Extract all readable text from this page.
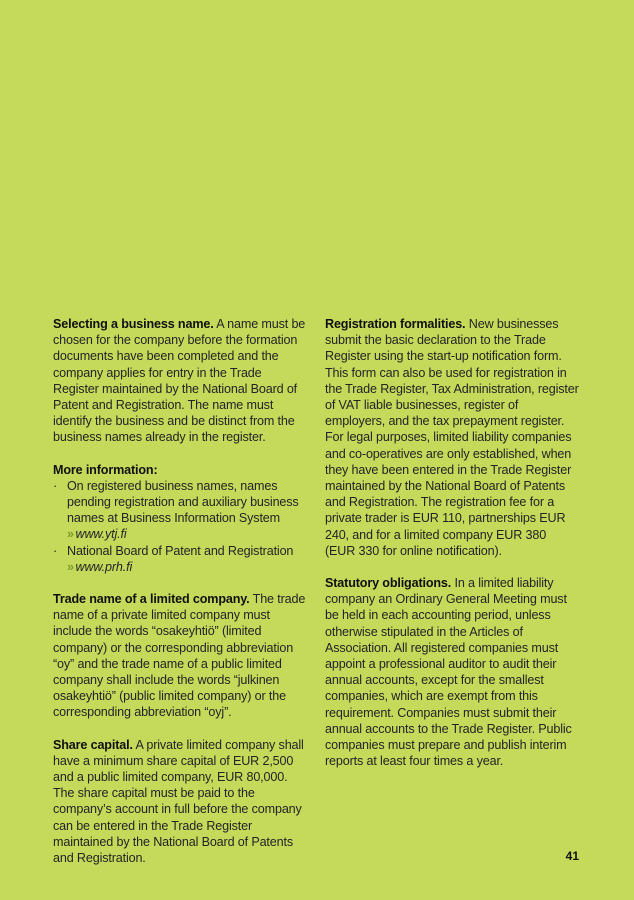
Selecting a business name. A name must be chosen for the company before the formation documents have been completed and the company applies for entry in the Trade Register maintained by the National Board of Patent and Registration. The name must identify the business and be distinct from the business names already in the register.

More information:

· On registered business names, names pending registration and auxiliary business names at Business Information System
» www.ytj.fi
· National Board of Patent and Registration
» www.prh.fi

Trade name of a limited company. The trade name of a private limited company must include the words “osakeyhtiö” (limited company) or the corresponding abbreviation “oy” and the trade name of a public limited company shall include the words “julkinen osakeyhtiö” (public limited company) or the corresponding abbreviation “oyj”.

Share capital. A private limited company shall have a minimum share capital of EUR 2,500 and a public limited company, EUR 80,000. The share capital must be paid to the company’s account in full before the company can be entered in the Trade Register maintained by the National Board of Patents and Registration.

Registration formalities. New businesses submit the basic declaration to the Trade Register using the start-up notification form. This form can also be used for registration in the Trade Register, Tax Administration, register of VAT liable businesses, register of employers, and the tax prepayment register. For legal purposes, limited liability companies and co-operatives are only established, when they have been entered in the Trade Register maintained by the National Board of Patents and Registration. The registration fee for a private trader is EUR 110, partnerships EUR 240, and for a limited company EUR 380 (EUR 330 for online notification).

Statutory obligations. In a limited liability company an Ordinary General Meeting must be held in each accounting period, unless otherwise stipulated in the Articles of Association. All registered companies must appoint a professional auditor to audit their annual accounts, except for the smallest companies, which are exempt from this requirement. Companies must submit their annual accounts to the Trade Register. Public companies must prepare and publish interim reports at least four times a year.

41
